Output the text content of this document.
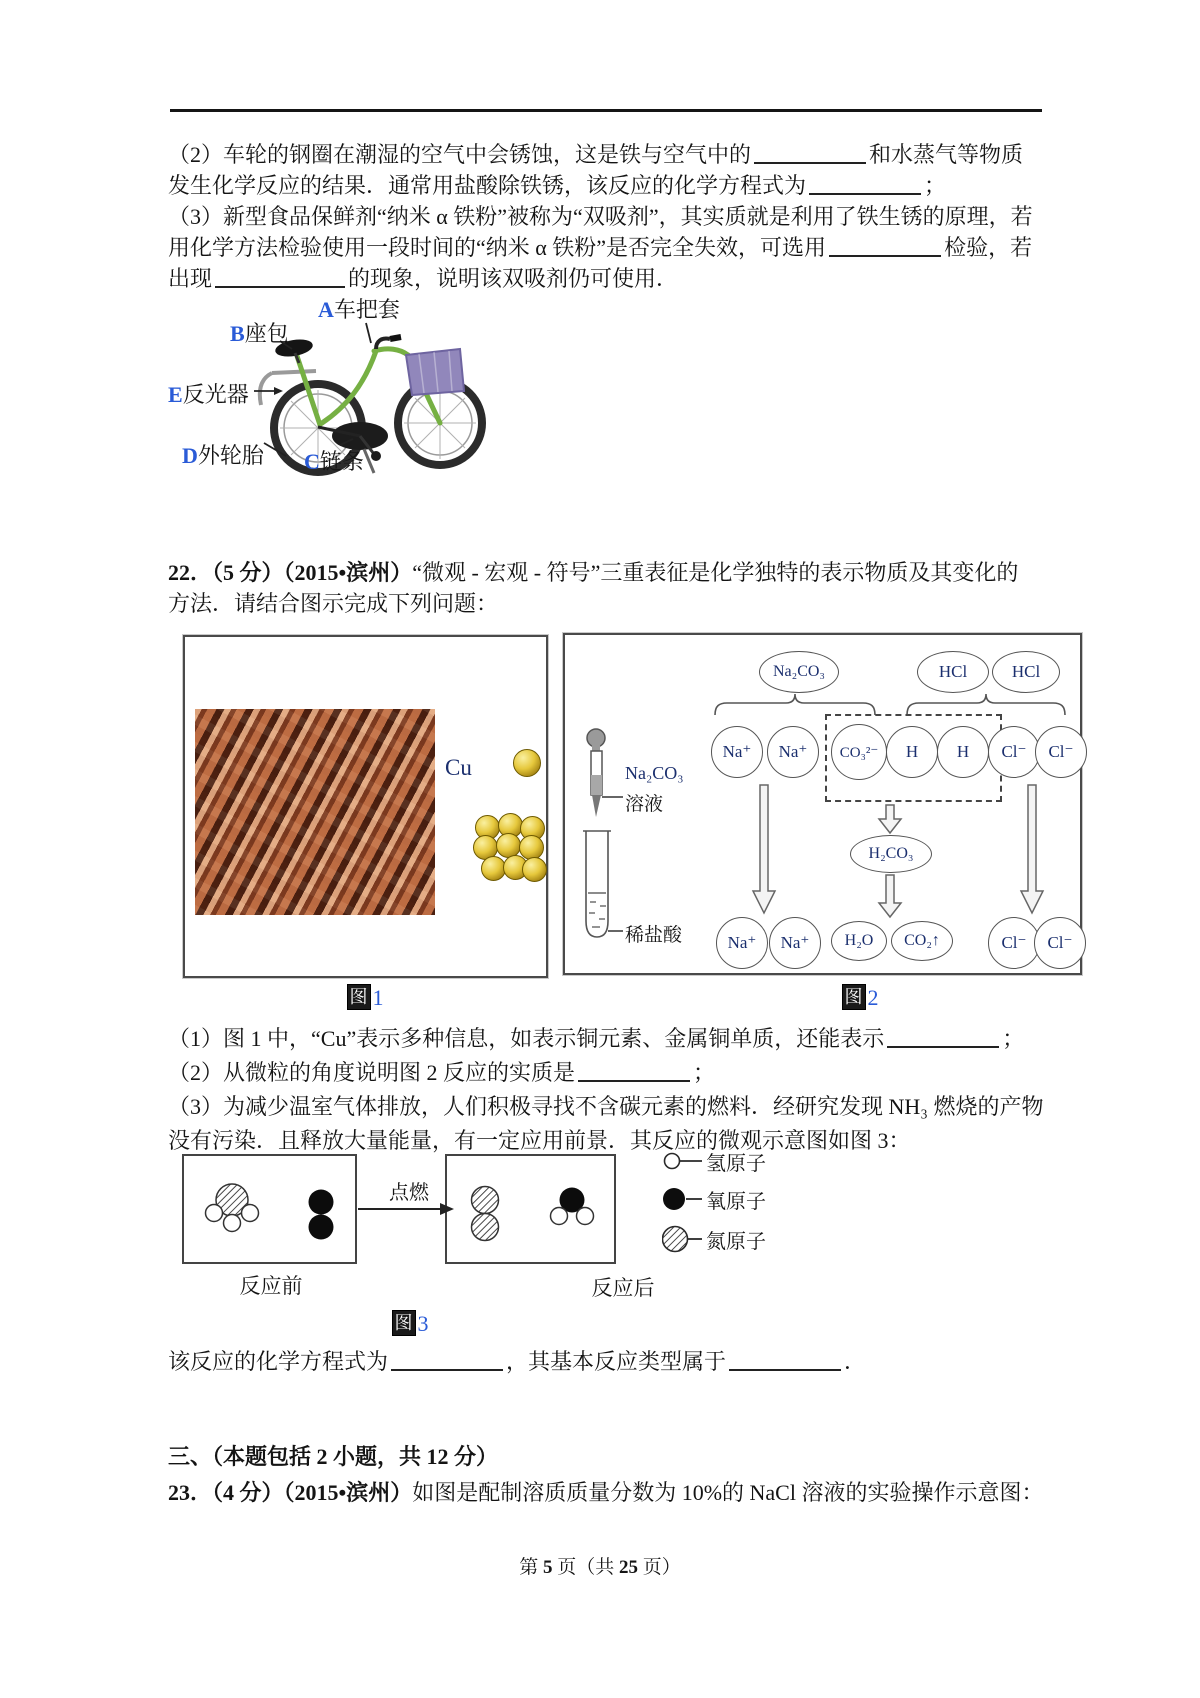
（2）车轮的钢圈在潮湿的空气中会锈蚀，这是铁与空气中的	和水蒸气等物质
发生化学反应的结果．通常用盐酸除铁锈，该反应的化学方程式为	；
（3）新型食品保鲜剂“纳米 α 铁粉”被称为“双吸剂”，其实质就是利用了铁生锈的原理，若
用化学方法检验使用一段时间的“纳米 α 铁粉”是否完全失效，可选用	检验，若
出现	的现象，说明该双吸剂仍可使用．
A车把套
B座包
E反光器
D外轮胎 C链条
22．（5 分）（2015•滨州）“微观 - 宏观 - 符号”三重表征是化学独特的表示物质及其变化的
方法．请结合图示完成下列问题：
Cu
Na₂CO₃	HCl	HCl
Na⁺	Na⁺	CO₃²⁻	H	H	Cl⁻	Cl⁻
H₂CO₃
Na⁺	Na⁺	H₂O	CO₂↑	Cl⁻	Cl⁻
Na₂CO₃
溶液
稀盐酸
图 1	图 2
（1）图 1 中，“Cu”表示多种信息，如表示铜元素、金属铜单质，还能表示	；
（2）从微粒的角度说明图 2 反应的实质是	；
（3）为减少温室气体排放，人们积极寻找不含碳元素的燃料．经研究发现 NH₃ 燃烧的产物
没有污染．且释放大量能量，有一定应用前景．其反应的微观示意图如图 3：
点燃
反应前	反应后
氢原子
氧原子
氮原子
图 3
该反应的化学方程式为	，其基本反应类型属于	．
三、（本题包括 2 小题，共 12 分）
23．（4 分）（2015•滨州）如图是配制溶质质量分数为 10%的 NaCl 溶液的实验操作示意图：
第 5 页（共 25 页）
